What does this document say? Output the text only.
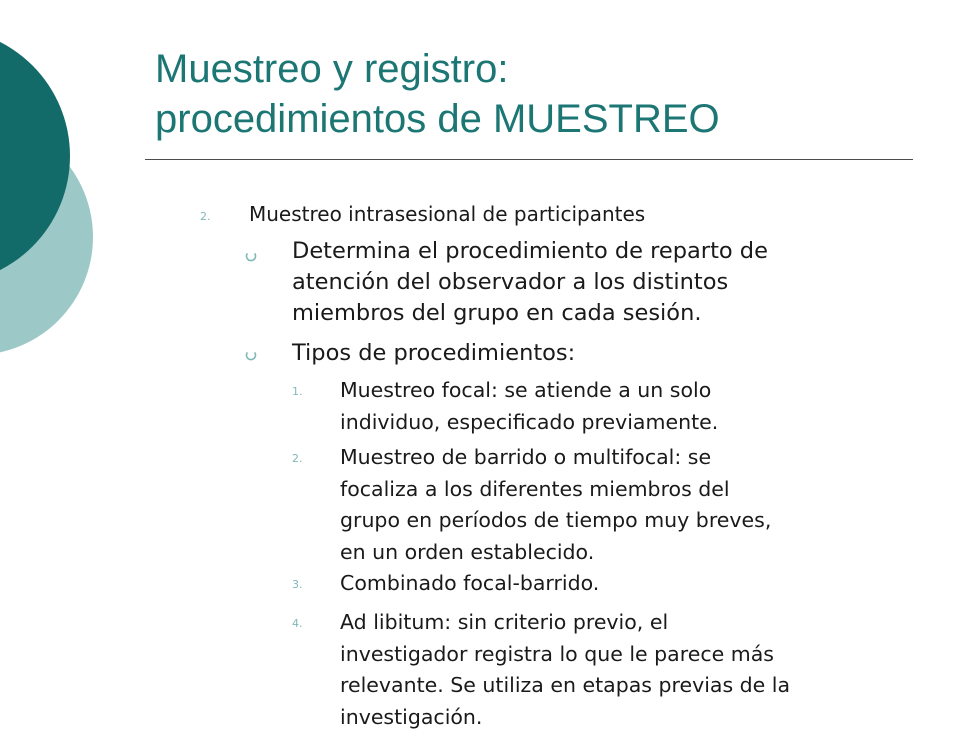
Muestreo y registro:
procedimientos de MUESTREO
2. Muestreo intrasesional de participantes
Determina el procedimiento de reparto de
atención del observador a los distintos
miembros del grupo en cada sesión.
Tipos de procedimientos:
1. Muestreo focal: se atiende a un solo
individuo, especificado previamente.
2. Muestreo de barrido o multifocal: se
focaliza a los diferentes miembros del
grupo en períodos de tiempo muy breves,
en un orden establecido.
3. Combinado focal-barrido.
4. Ad libitum: sin criterio previo, el
investigador registra lo que le parece más
relevante. Se utiliza en etapas previas de la
investigación.
